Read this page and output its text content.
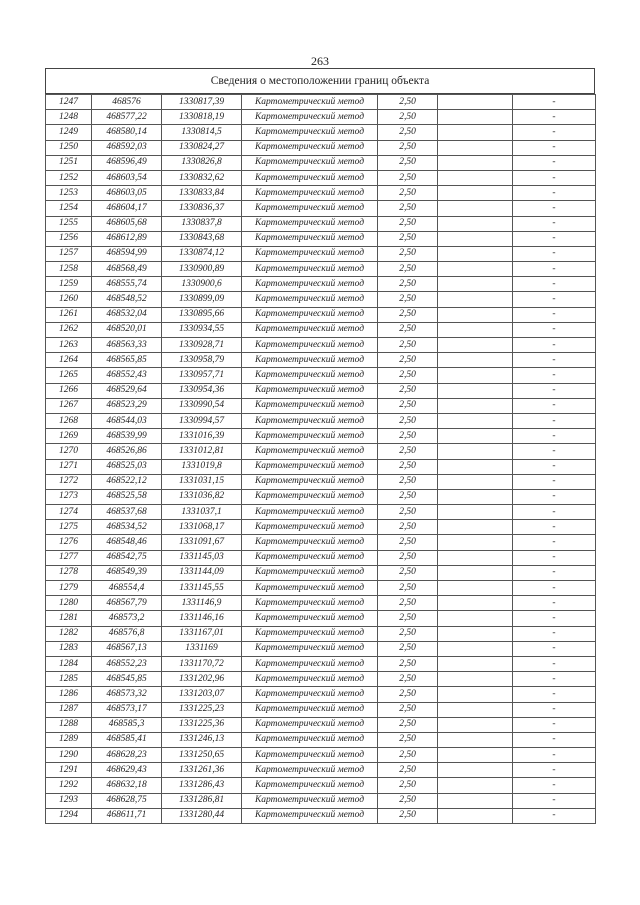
263
Сведения о местоположении границ объекта
1247	468576	1330817,39	Картометрический метод	2,50		-
1248	468577,22	1330818,19	Картометрический метод	2,50		-
1249	468580,14	1330814,5	Картометрический метод	2,50		-
1250	468592,03	1330824,27	Картометрический метод	2,50		-
1251	468596,49	1330826,8	Картометрический метод	2,50		-
1252	468603,54	1330832,62	Картометрический метод	2,50		-
1253	468603,05	1330833,84	Картометрический метод	2,50		-
1254	468604,17	1330836,37	Картометрический метод	2,50		-
1255	468605,68	1330837,8	Картометрический метод	2,50		-
1256	468612,89	1330843,68	Картометрический метод	2,50		-
1257	468594,99	1330874,12	Картометрический метод	2,50		-
1258	468568,49	1330900,89	Картометрический метод	2,50		-
1259	468555,74	1330900,6	Картометрический метод	2,50		-
1260	468548,52	1330899,09	Картометрический метод	2,50		-
1261	468532,04	1330895,66	Картометрический метод	2,50		-
1262	468520,01	1330934,55	Картометрический метод	2,50		-
1263	468563,33	1330928,71	Картометрический метод	2,50		-
1264	468565,85	1330958,79	Картометрический метод	2,50		-
1265	468552,43	1330957,71	Картометрический метод	2,50		-
1266	468529,64	1330954,36	Картометрический метод	2,50		-
1267	468523,29	1330990,54	Картометрический метод	2,50		-
1268	468544,03	1330994,57	Картометрический метод	2,50		-
1269	468539,99	1331016,39	Картометрический метод	2,50		-
1270	468526,86	1331012,81	Картометрический метод	2,50		-
1271	468525,03	1331019,8	Картометрический метод	2,50		-
1272	468522,12	1331031,15	Картометрический метод	2,50		-
1273	468525,58	1331036,82	Картометрический метод	2,50		-
1274	468537,68	1331037,1	Картометрический метод	2,50		-
1275	468534,52	1331068,17	Картометрический метод	2,50		-
1276	468548,46	1331091,67	Картометрический метод	2,50		-
1277	468542,75	1331145,03	Картометрический метод	2,50		-
1278	468549,39	1331144,09	Картометрический метод	2,50		-
1279	468554,4	1331145,55	Картометрический метод	2,50		-
1280	468567,79	1331146,9	Картометрический метод	2,50		-
1281	468573,2	1331146,16	Картометрический метод	2,50		-
1282	468576,8	1331167,01	Картометрический метод	2,50		-
1283	468567,13	1331169	Картометрический метод	2,50		-
1284	468552,23	1331170,72	Картометрический метод	2,50		-
1285	468545,85	1331202,96	Картометрический метод	2,50		-
1286	468573,32	1331203,07	Картометрический метод	2,50		-
1287	468573,17	1331225,23	Картометрический метод	2,50		-
1288	468585,3	1331225,36	Картометрический метод	2,50		-
1289	468585,41	1331246,13	Картометрический метод	2,50		-
1290	468628,23	1331250,65	Картометрический метод	2,50		-
1291	468629,43	1331261,36	Картометрический метод	2,50		-
1292	468632,18	1331286,43	Картометрический метод	2,50		-
1293	468628,75	1331286,81	Картометрический метод	2,50		-
1294	468611,71	1331280,44	Картометрический метод	2,50		-
